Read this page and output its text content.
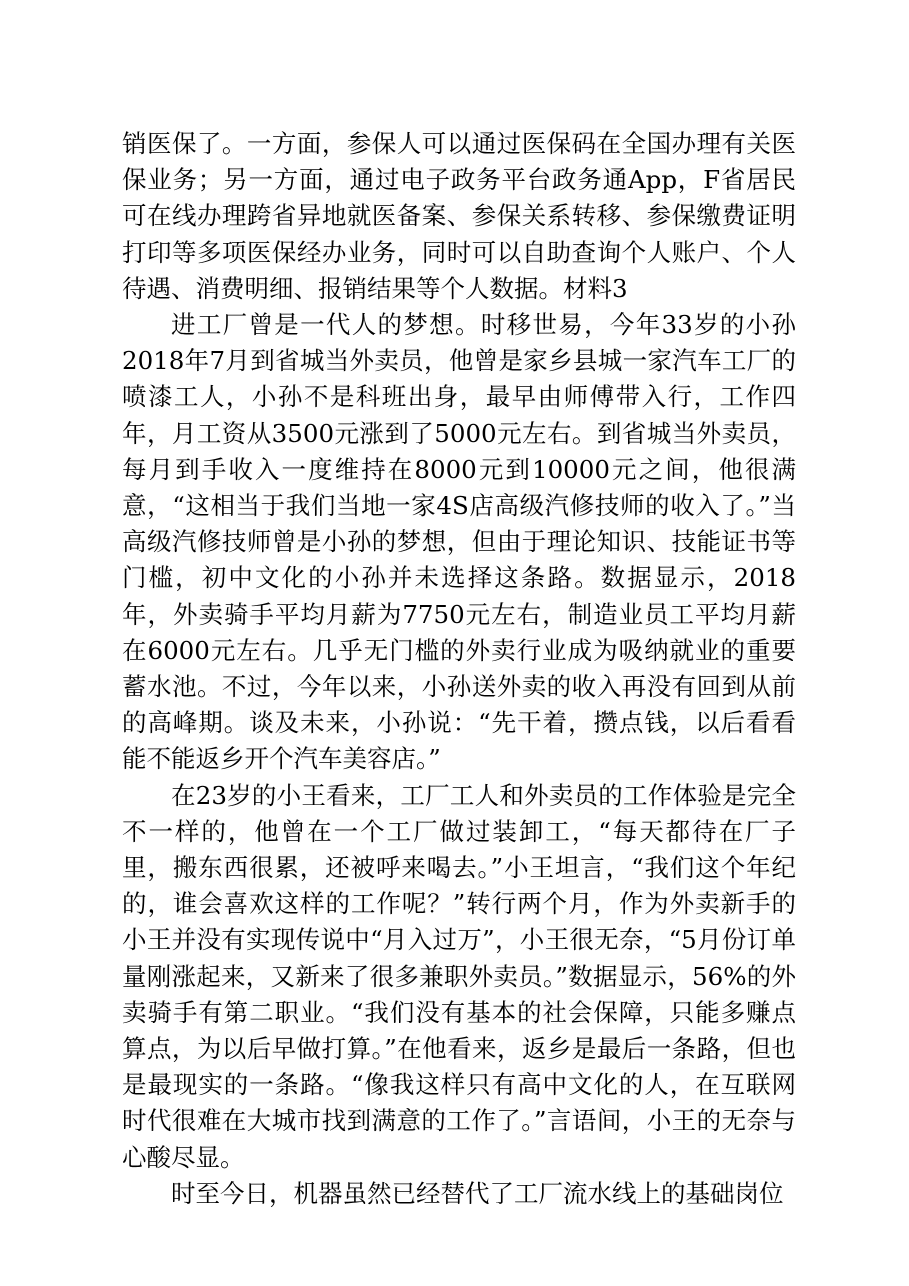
销医保了。一方面，参保人可以通过医保码在全国办理有关医保业务；另一方面，通过电子政务平台政务通App，F省居民可在线办理跨省异地就医备案、参保关系转移、参保缴费证明打印等多项医保经办业务，同时可以自助查询个人账户、个人待遇、消费明细、报销结果等个人数据。材料3

进工厂曾是一代人的梦想。时移世易，今年33岁的小孙2018年7月到省城当外卖员，他曾是家乡县城一家汽车工厂的喷漆工人，小孙不是科班出身，最早由师傅带入行，工作四年，月工资从3500元涨到了5000元左右。到省城当外卖员，每月到手收入一度维持在8000元到10000元之间，他很满意，“这相当于我们当地一家4S店高级汽修技师的收入了。”当高级汽修技师曾是小孙的梦想，但由于理论知识、技能证书等门槛，初中文化的小孙并未选择这条路。数据显示，2018年，外卖骑手平均月薪为7750元左右，制造业员工平均月薪在6000元左右。几乎无门槛的外卖行业成为吸纳就业的重要蓄水池。不过，今年以来，小孙送外卖的收入再没有回到从前的高峰期。谈及未来，小孙说：“先干着，攒点钱，以后看看能不能返乡开个汽车美容店。”

在23岁的小王看来，工厂工人和外卖员的工作体验是完全不一样的，他曾在一个工厂做过装卸工，“每天都待在厂子里，搬东西很累，还被呼来喝去。”小王坦言，“我们这个年纪的，谁会喜欢这样的工作呢？”转行两个月，作为外卖新手的小王并没有实现传说中“月入过万”，小王很无奈，“5月份订单量刚涨起来，又新来了很多兼职外卖员。”数据显示，56%的外卖骑手有第二职业。“我们没有基本的社会保障，只能多赚点算点，为以后早做打算。”在他看来，返乡是最后一条路，但也是最现实的一条路。“像我这样只有高中文化的人，在互联网时代很难在大城市找到满意的工作了。”言语间，小王的无奈与心酸尽显。

时至今日，机器虽然已经替代了工厂流水线上的基础岗位
